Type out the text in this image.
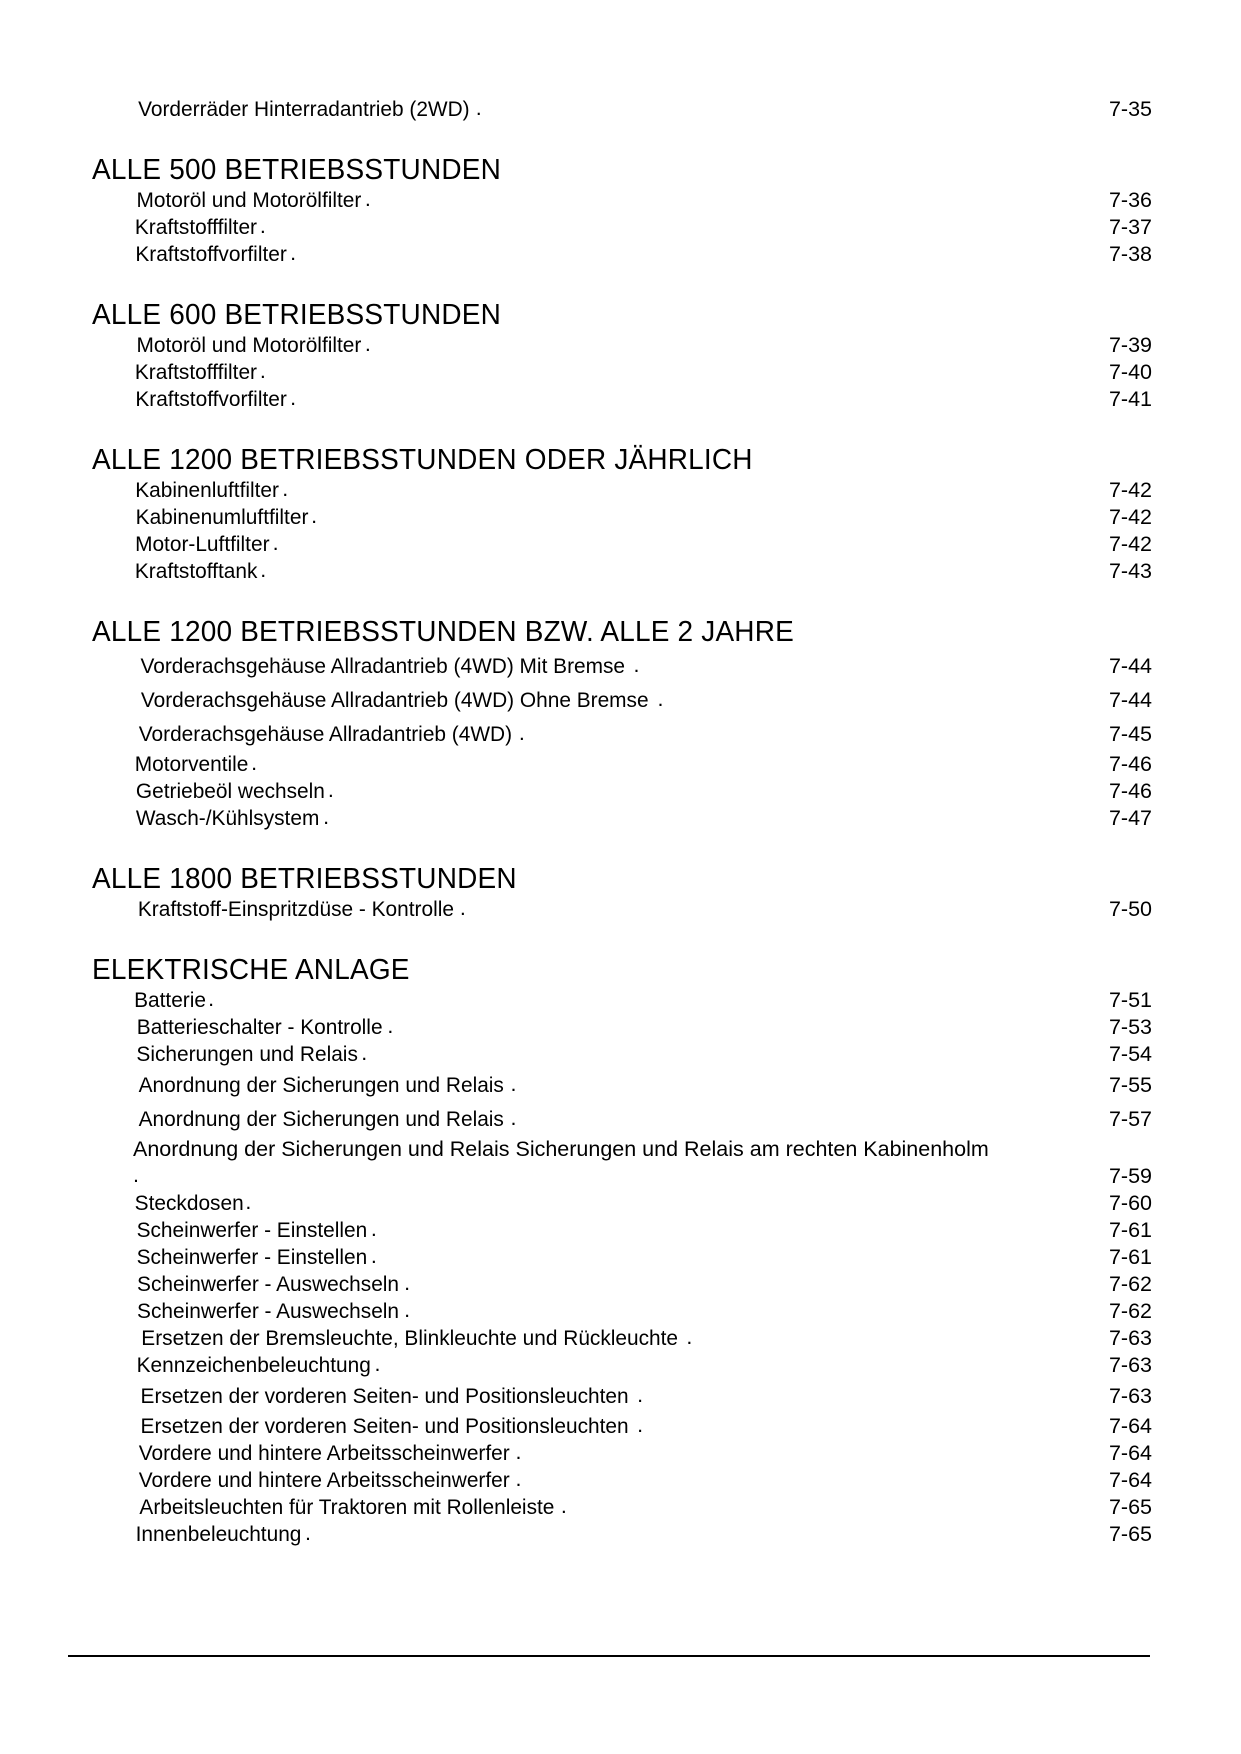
Vorderräder Hinterradantrieb (2WD) .	7-35
ALLE 500 BETRIEBSSTUNDEN
Motoröl und Motorölfilter .	7-36
Kraftstofffilter .	7-37
Kraftstoffvorfilter .	7-38
ALLE 600 BETRIEBSSTUNDEN
Motoröl und Motorölfilter .	7-39
Kraftstofffilter .	7-40
Kraftstoffvorfilter .	7-41
ALLE 1200 BETRIEBSSTUNDEN ODER JÄHRLICH
Kabinenluftfilter .	7-42
Kabinenumluftfilter .	7-42
Motor-Luftfilter .	7-42
Kraftstofftank .	7-43
ALLE 1200 BETRIEBSSTUNDEN BZW. ALLE 2 JAHRE
Vorderachsgehäuse Allradantrieb (4WD) Mit Bremse .	7-44
Vorderachsgehäuse Allradantrieb (4WD) Ohne Bremse .	7-44
Vorderachsgehäuse Allradantrieb (4WD) .	7-45
Motorventile .	7-46
Getriebeöl wechseln .	7-46
Wasch-/Kühlsystem .	7-47
ALLE 1800 BETRIEBSSTUNDEN
Kraftstoff-Einspritzdüse - Kontrolle .	7-50
ELEKTRISCHE ANLAGE
Batterie .	7-51
Batterieschalter - Kontrolle .	7-53
Sicherungen und Relais .	7-54
Anordnung der Sicherungen und Relais .	7-55
Anordnung der Sicherungen und Relais .	7-57
Anordnung der Sicherungen und Relais Sicherungen und Relais am rechten Kabinenholm
.	7-59
Steckdosen .	7-60
Scheinwerfer - Einstellen .	7-61
Scheinwerfer - Einstellen .	7-61
Scheinwerfer - Auswechseln .	7-62
Scheinwerfer - Auswechseln .	7-62
Ersetzen der Bremsleuchte, Blinkleuchte und Rückleuchte .	7-63
Kennzeichenbeleuchtung .	7-63
Ersetzen der vorderen Seiten- und Positionsleuchten .	7-63
Ersetzen der vorderen Seiten- und Positionsleuchten .	7-64
Vordere und hintere Arbeitsscheinwerfer .	7-64
Vordere und hintere Arbeitsscheinwerfer .	7-64
Arbeitsleuchten für Traktoren mit Rollenleiste .	7-65
Innenbeleuchtung .	7-65
